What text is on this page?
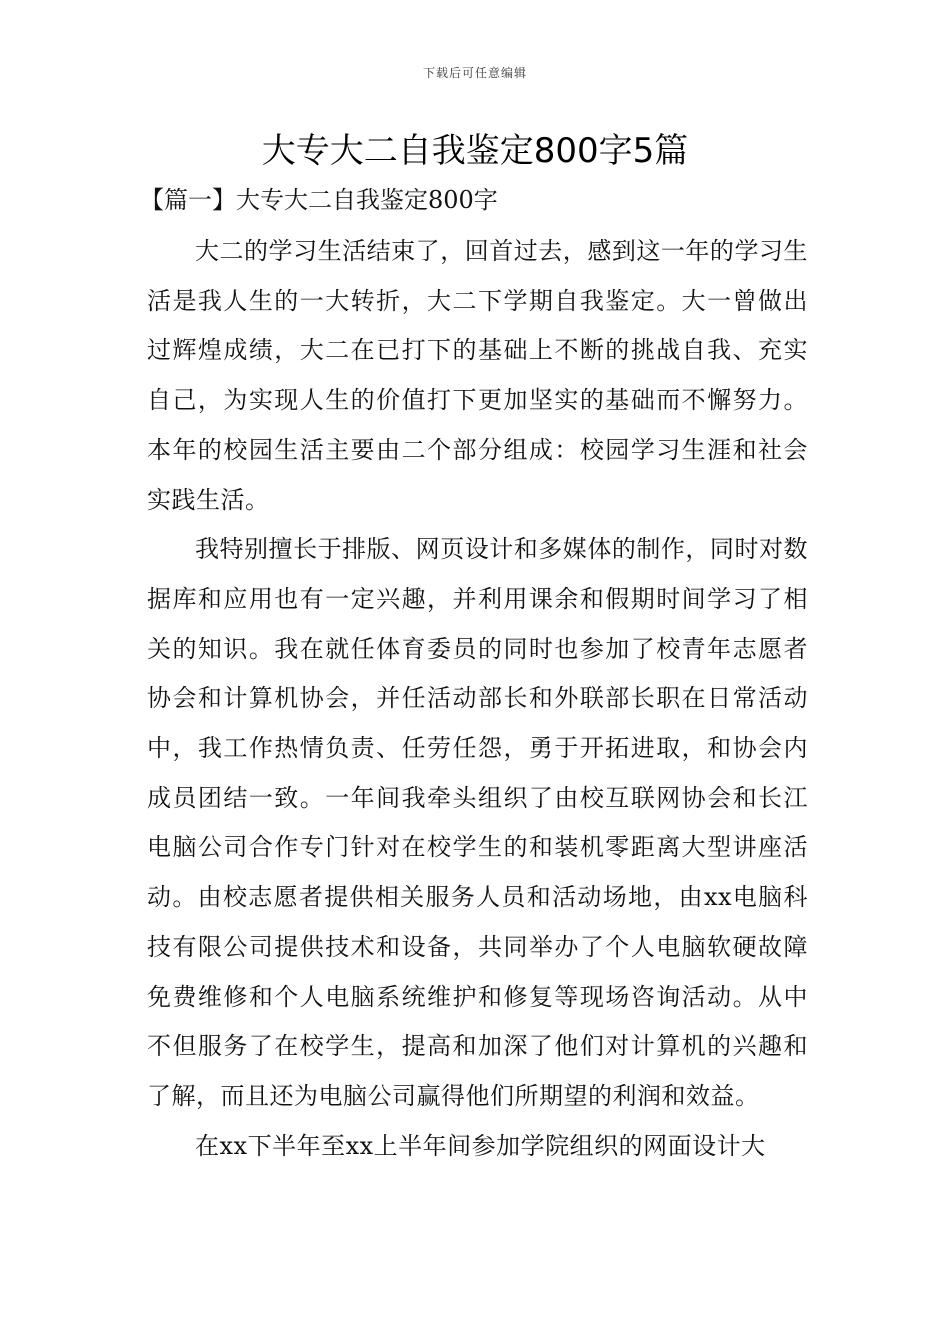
下载后可任意编辑
大专大二自我鉴定800字5篇
【篇一】大专大二自我鉴定800字

大二的学习生活结束了，回首过去，感到这一年的学习生活是我人生的一大转折，大二下学期自我鉴定。大一曾做出过辉煌成绩，大二在已打下的基础上不断的挑战自我、充实自己，为实现人生的价值打下更加坚实的基础而不懈努力。本年的校园生活主要由二个部分组成：校园学习生涯和社会实践生活。

我特别擅长于排版、网页设计和多媒体的制作，同时对数据库和应用也有一定兴趣，并利用课余和假期时间学习了相关的知识。我在就任体育委员的同时也参加了校青年志愿者协会和计算机协会，并任活动部长和外联部长职在日常活动中，我工作热情负责、任劳任怨，勇于开拓进取，和协会内成员团结一致。一年间我牵头组织了由校互联网协会和长江电脑公司合作专门针对在校学生的和装机零距离大型讲座活动。由校志愿者提供相关服务人员和活动场地，由xx电脑科技有限公司提供技术和设备，共同举办了个人电脑软硬故障免费维修和个人电脑系统维护和修复等现场咨询活动。从中不但服务了在校学生，提高和加深了他们对计算机的兴趣和了解，而且还为电脑公司赢得他们所期望的利润和效益。

在xx下半年至xx上半年间参加学院组织的网面设计大
